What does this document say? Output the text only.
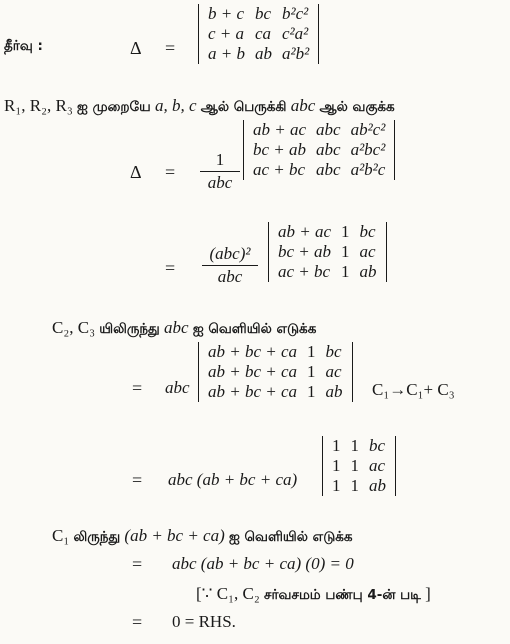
தீர்வு :	Δ =
b + c	bc	b²c²
c + a	ca	c²a²
a + b	ab	a²b²
R₁, R₂, R₃ ஐ முறையே a, b, c ஆல் பெருக்கி abc ஆல் வகுக்க
Δ =
1
abc
ab + ac	abc	ab²c²
bc + ab	abc	a²bc²
ac + bc	abc	a²b²c
=
(abc)²
abc
ab + ac	1	bc
bc + ab	1	ac
ac + bc	1	ab
C₂, C₃ யிலிருந்து abc ஐ வெளியில் எடுக்க
= abc
ab + bc + ca	1	bc
ab + bc + ca	1	ac
ab + bc + ca	1	ab C₁→C₁+ C₃
= abc (ab + bc + ca)
1	1	bc
1	1	ac
1	1	ab
C₁ லிருந்து (ab + bc + ca) ஐ வெளியில் எடுக்க
= abc (ab + bc + ca) (0) = 0
[∵ C₁, C₂ சர்வசமம் பண்பு 4-ன் படி ]
= 0 = RHS.
